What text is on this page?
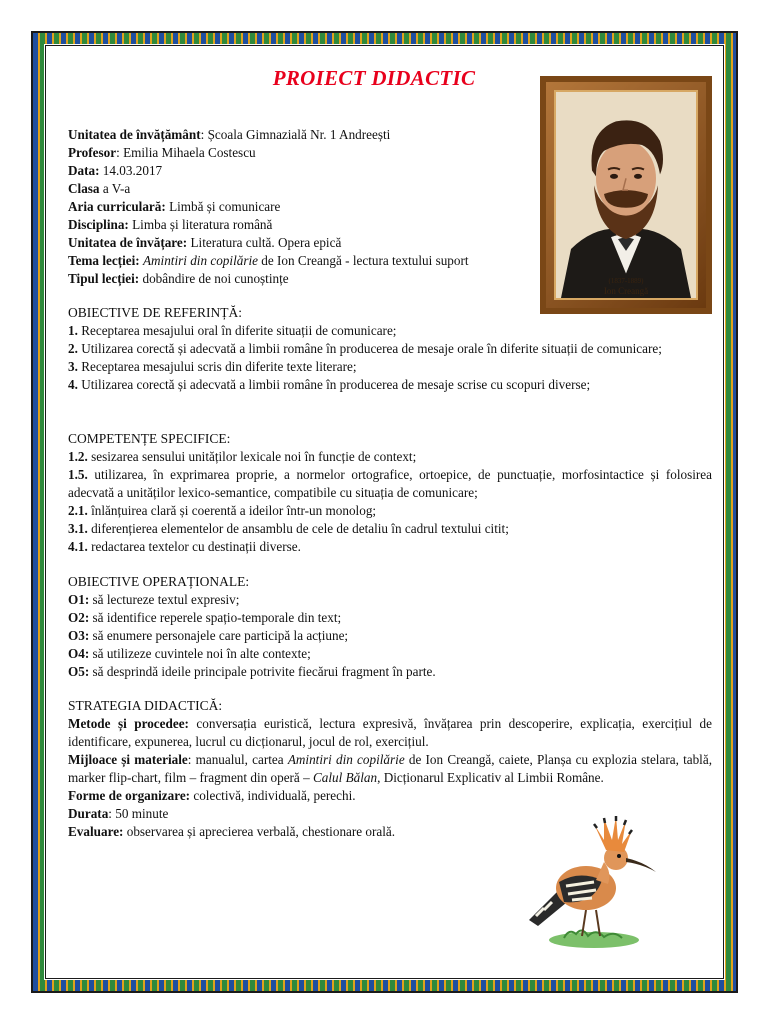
PROIECT DIDACTIC
(1837-1889)
Ion Creangă

Unitatea de învățământ: Școala Gimnazială Nr. 1 Andreești

Profesor: Emilia Mihaela Costescu

Data: 14.03.2017

Clasa a V-a

Aria curriculară: Limbă și comunicare

Disciplina: Limba și literatura română

Unitatea de învățare: Literatura cultă. Opera epică

Tema lecției: Amintiri din copilărie de Ion Creangă - lectura textului suport

Tipul lecției: dobândire de noi cunoștințe

OBIECTIVE DE REFERINȚĂ:

1. Receptarea mesajului oral în diferite situații de comunicare;

2. Utilizarea corectă și adecvată a limbii române în producerea de mesaje orale în diferite situații de comunicare;

3. Receptarea mesajului scris din diferite texte literare;

4. Utilizarea corectă și adecvată a limbii române în producerea de mesaje scrise cu scopuri diverse;

COMPETENȚE SPECIFICE:

1.2. sesizarea sensului unităților lexicale noi în funcție de context;

1.5. utilizarea, în exprimarea proprie, a normelor ortografice, ortoepice, de punctuație, morfosintactice și folosirea adecvată a unităților lexico-semantice, compatibile cu situația de comunicare;

2.1. înlănțuirea clară și coerentă a ideilor într-un monolog;

3.1. diferențierea elementelor de ansamblu de cele de detaliu în cadrul textului citit;

4.1. redactarea textelor cu destinații diverse.

OBIECTIVE OPERAȚIONALE:

O1: să lectureze textul expresiv;

O2: să identifice reperele spațio-temporale din text;

O3: să enumere personajele care participă la acțiune;

O4: să utilizeze cuvintele noi în alte contexte;

O5: să desprindă ideile principale potrivite fiecărui fragment în parte.

STRATEGIA DIDACTICĂ:

Metode și procedee: conversația euristică, lectura expresivă, învățarea prin descoperire, explicația, exercițiul de identificare, expunerea, lucrul cu dicționarul, jocul de rol, exercițiul.

Mijloace și materiale: manualul, cartea Amintiri din copilărie de Ion Creangă, caiete, Planșa cu explozia stelara, tablă, marker flip-chart, film – fragment din operă – Calul Bălan, Dicționarul Explicativ al Limbii Române.

Forme de organizare: colectivă, individuală, perechi.

Durata: 50 minute

Evaluare: observarea și aprecierea verbală, chestionare orală.
